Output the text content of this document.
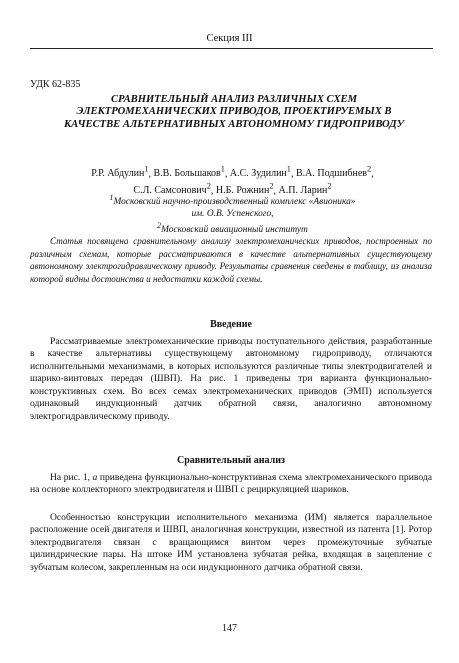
Секция III
УДК 62-835
СРАВНИТЕЛЬНЫЙ АНАЛИЗ РАЗЛИЧНЫХ СХЕМ ЭЛЕКТРОМЕХАНИЧЕСКИХ ПРИВОДОВ, ПРОЕКТИРУЕМЫХ В КАЧЕСТВЕ АЛЬТЕРНАТИВНЫХ АВТОНОМНОМУ ГИДРОПРИВОДУ
Р.Р. Абдулин$^1$, В.В. Большаков$^1$, А.С. Зудилин$^1$, В.А. Подшибнев$^2$,
С.Л. Самсонович$^2$, Н.Б. Рожнин$^2$, А.П. Ларин$^2$
$^1$Московский научно-производственный комплекс «Авионика»
им. О.В. Успенского,
$^2$Московский авиационный институт

Статья посвящена сравнительному анализу электромеханических приводов, построенных по различным схемам, которые рассматриваются в качестве альтернативных существующему автономному электрогидравлическому приводу. Результаты сравнения сведены в таблицу, из анализа которой видны достоинства и недостатки каждой схемы.

Введение

Рассматриваемые электромеханические приводы поступательного действия, разработанные в качестве альтернативы существующему автономному гидроприводу, отличаются исполнительными механизмами, в которых используются различные типы электродвигателей и шарико-винтовых передач (ШВП). На рис. 1 приведены три варианта функционально-конструктивных схем. Во всех семах электромеханических приводов (ЭМП) используется одинаковый индукционный датчик обратной связи, аналогично автономному электрогидравлическому приводу.

Сравнительный анализ

На рис. 1, а приведена функционально-конструктивная схема электромеханического привода на основе коллекторного электродвигателя и ШВП с рециркуляцией шариков.

Особенностью конструкции исполнительного механизма (ИМ) является параллельное расположение осей двигателя и ШВП, аналогичная конструкции, известной из патента [1]. Ротор электродвигателя связан с вращающимся винтом через промежуточные зубчатые цилиндрические пары. На штоке ИМ установлена зубчатая рейка, входящая в зацепление с зубчатым колесом, закрепленным на оси индукционного датчика обратной связи.

147
